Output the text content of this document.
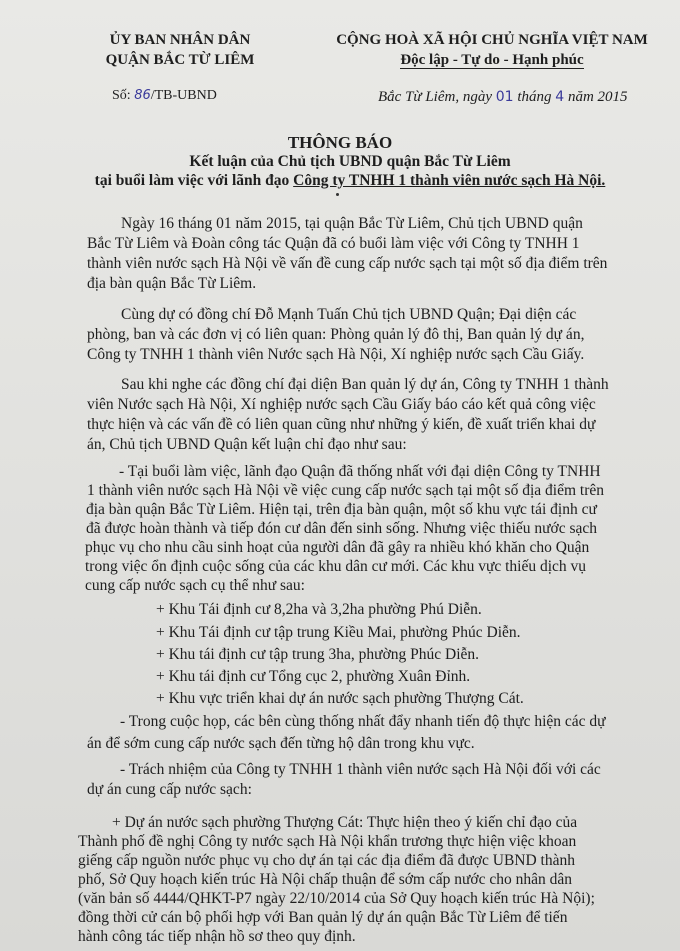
ỦY BAN NHÂN DÂN
QUẬN BẮC TỪ LIÊM
CỘNG HOÀ XÃ HỘI CHỦ NGHĨA VIỆT NAM
Độc lập - Tự do - Hạnh phúc
Số: 86/TB-UBND	Bắc Từ Liêm, ngày 01 tháng 4 năm 2015
THÔNG BÁO
Kết luận của Chủ tịch UBND quận Bắc Từ Liêm
tại buổi làm việc với lãnh đạo Công ty TNHH 1 thành viên nước sạch Hà Nội.
Ngày 16 tháng 01 năm 2015, tại quận Bắc Từ Liêm, Chủ tịch UBND quận
Bắc Từ Liêm và Đoàn công tác Quận đã có buổi làm việc với Công ty TNHH 1
thành viên nước sạch Hà Nội về vấn đề cung cấp nước sạch tại một số địa điểm trên
địa bàn quận Bắc Từ Liêm.
Cùng dự có đồng chí Đỗ Mạnh Tuấn Chủ tịch UBND Quận; Đại diện các
phòng, ban và các đơn vị có liên quan: Phòng quản lý đô thị, Ban quản lý dự án,
Công ty TNHH 1 thành viên Nước sạch Hà Nội, Xí nghiệp nước sạch Cầu Giấy.
Sau khi nghe các đồng chí đại diện Ban quản lý dự án, Công ty TNHH 1 thành
viên Nước sạch Hà Nội, Xí nghiệp nước sạch Cầu Giấy báo cáo kết quả công việc
thực hiện và các vấn đề có liên quan cũng như những ý kiến, đề xuất triển khai dự
án, Chủ tịch UBND Quận kết luận chỉ đạo như sau:
- Tại buổi làm việc, lãnh đạo Quận đã thống nhất với đại diện Công ty TNHH
1 thành viên nước sạch Hà Nội về việc cung cấp nước sạch tại một số địa điểm trên
địa bàn quận Bắc Từ Liêm. Hiện tại, trên địa bàn quận, một số khu vực tái định cư
đã được hoàn thành và tiếp đón cư dân đến sinh sống. Nhưng việc thiếu nước sạch
phục vụ cho nhu cầu sinh hoạt của người dân đã gây ra nhiều khó khăn cho Quận
trong việc ổn định cuộc sống của các khu dân cư mới. Các khu vực thiếu dịch vụ
cung cấp nước sạch cụ thể như sau:
+ Khu Tái định cư 8,2ha và 3,2ha phường Phú Diễn.
+ Khu Tái định cư tập trung Kiều Mai, phường Phúc Diễn.
+ Khu tái định cư tập trung 3ha, phường Phúc Diễn.
+ Khu tái định cư Tổng cục 2, phường Xuân Đỉnh.
+ Khu vực triển khai dự án nước sạch phường Thượng Cát.
- Trong cuộc họp, các bên cùng thống nhất đẩy nhanh tiến độ thực hiện các dự
án để sớm cung cấp nước sạch đến từng hộ dân trong khu vực.
- Trách nhiệm của Công ty TNHH 1 thành viên nước sạch Hà Nội đối với các
dự án cung cấp nước sạch:
+ Dự án nước sạch phường Thượng Cát: Thực hiện theo ý kiến chỉ đạo của
Thành phố đề nghị Công ty nước sạch Hà Nội khẩn trương thực hiện việc khoan
giếng cấp nguồn nước phục vụ cho dự án tại các địa điểm đã được UBND thành
phố, Sở Quy hoạch kiến trúc Hà Nội chấp thuận để sớm cấp nước cho nhân dân
(văn bản số 4444/QHKT-P7 ngày 22/10/2014 của Sở Quy hoạch kiến trúc Hà Nội);
đồng thời cử cán bộ phối hợp với Ban quản lý dự án quận Bắc Từ Liêm để tiến
hành công tác tiếp nhận hồ sơ theo quy định.
